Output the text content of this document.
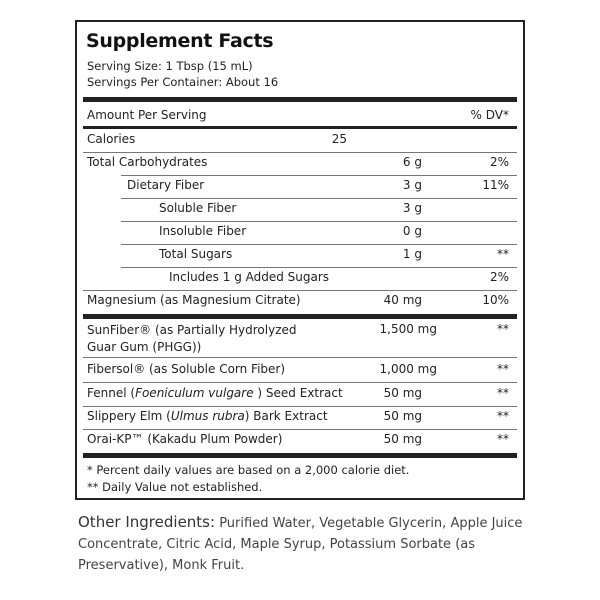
Supplement Facts
Serving Size: 1 Tbsp (15 mL)
Servings Per Container: About 16
Amount Per Serving	% DV*
Calories	25
Total Carbohydrates	6 g	2%
Dietary Fiber	3 g	11%
Soluble Fiber	3 g
Insoluble Fiber	0 g
Total Sugars	1 g	**
Includes 1 g Added Sugars	2%
Magnesium (as Magnesium Citrate)	40 mg	10%
SunFiber® (as Partially Hydrolyzed
Guar Gum (PHGG))
1,500 mg	**
Fibersol® (as Soluble Corn Fiber)	1,000 mg	**
Fennel (Foeniculum vulgare ) Seed Extract	50 mg	**
Slippery Elm (Ulmus rubra) Bark Extract	50 mg	**
Orai-KP™ (Kakadu Plum Powder)	50 mg	**
* Percent daily values are based on a 2,000 calorie diet.
** Daily Value not established.
Other Ingredients: Purified Water, Vegetable Glycerin, Apple Juice Concentrate, Citric Acid, Maple Syrup, Potassium Sorbate (as Preservative), Monk Fruit.
